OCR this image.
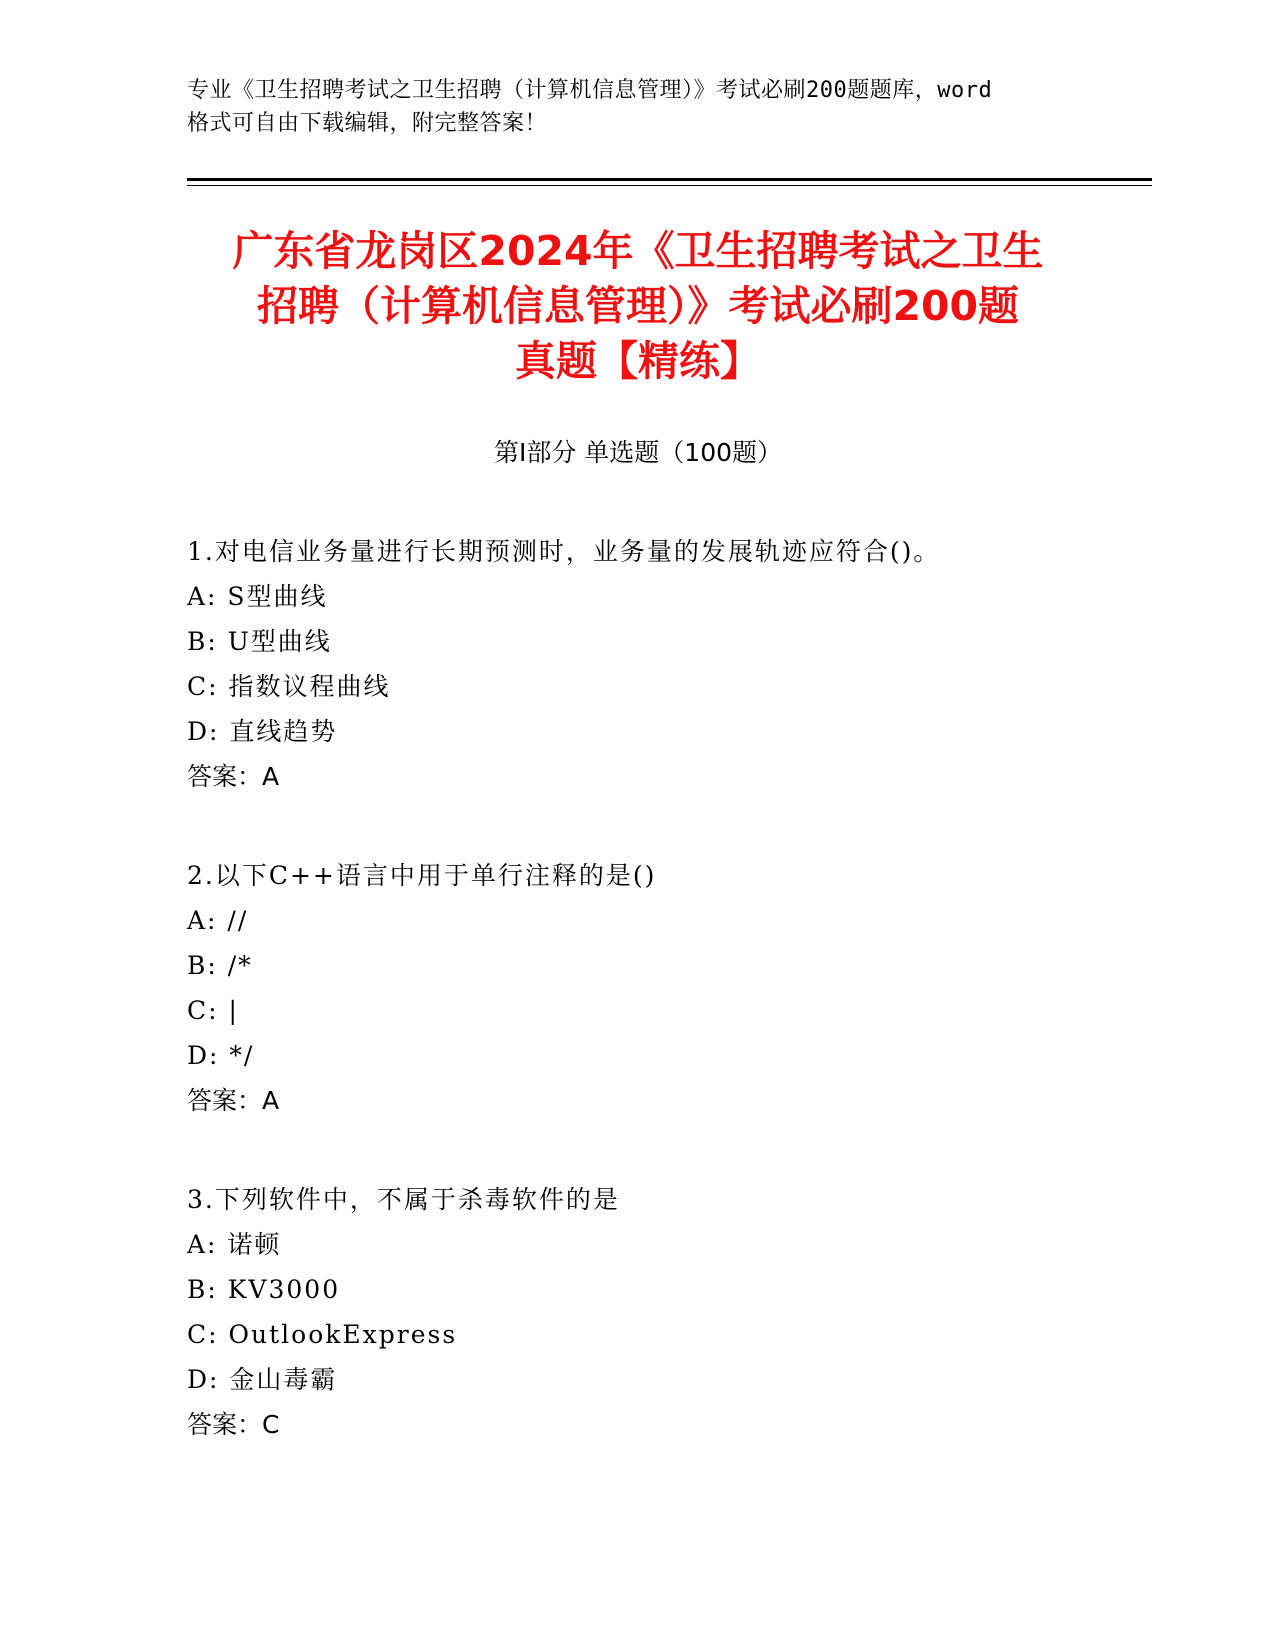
专业《卫生招聘考试之卫生招聘（计算机信息管理）》考试必刷200题题库，word
格式可自由下载编辑，附完整答案！
广东省龙岗区2024年《卫生招聘考试之卫生
招聘（计算机信息管理）》考试必刷200题
真题【精练】
第Ⅰ部分 单选题（100题）
1.对电信业务量进行长期预测时，业务量的发展轨迹应符合()。
A: S型曲线
B: U型曲线
C: 指数议程曲线
D: 直线趋势
答案：A
2.以下C++语言中用于单行注释的是()
A: //
B: /*
C: |
D: */
答案：A
3.下列软件中，不属于杀毒软件的是
A: 诺顿
B: KV3000
C: OutlookExpress
D: 金山毒霸
答案：C
